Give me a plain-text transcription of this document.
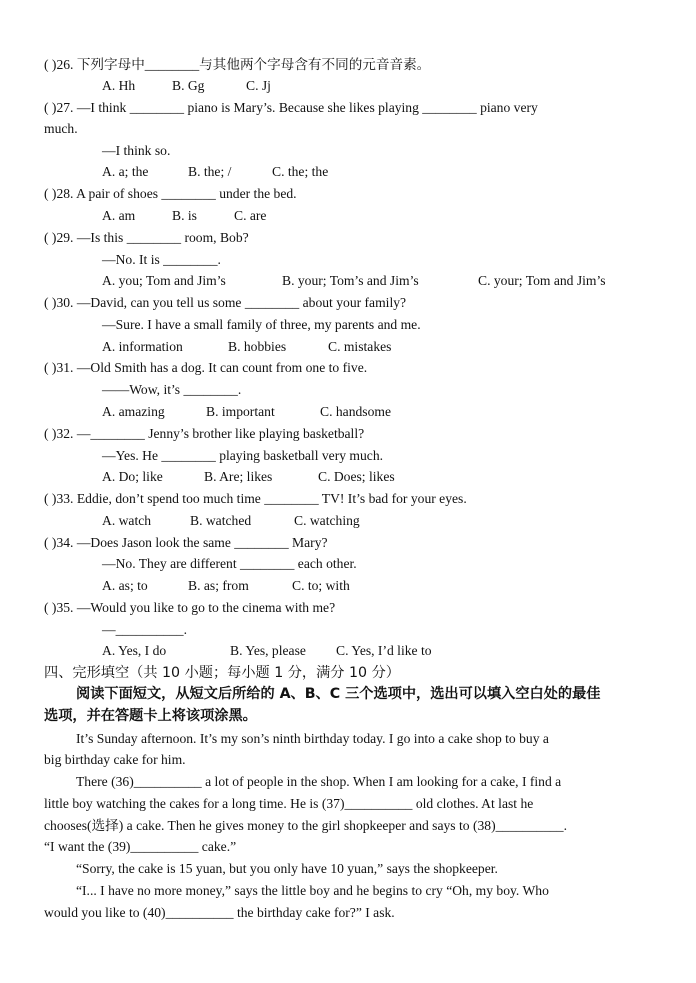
( )26. 下列字母中________与其他两个字母含有不同的元音音素。
A. Hh	B. Gg	C. Jj
( )27. —I think ________ piano is Mary’s. Because she likes playing ________ piano very
much.
—I think so.
A. a; the	B. the; /	C. the; the
( )28. A pair of shoes ________ under the bed.
A. am	B. is	C. are
( )29. —Is this ________ room, Bob?
—No. It is ________.
A. you; Tom and Jim’s	B. your; Tom’s and Jim’s	C. your; Tom and Jim’s
( )30. —David, can you tell us some ________ about your family?
—Sure. I have a small family of three, my parents and me.
A. information	B. hobbies	C. mistakes
( )31. —Old Smith has a dog. It can count from one to five.
——Wow, it’s ________.
A. amazing	B. important	C. handsome
( )32. —________ Jenny’s brother like playing basketball?
—Yes. He ________ playing basketball very much.
A. Do; like	B. Are; likes	C. Does; likes
( )33. Eddie, don’t spend too much time ________ TV! It’s bad for your eyes.
A. watch	B. watched	C. watching
( )34. —Does Jason look the same ________ Mary?
—No. They are different ________ each other.
A. as; to	B. as; from	C. to; with
( )35. —Would you like to go to the cinema with me?
—__________.
A. Yes, I do	B. Yes, please C. Yes, I’d like to
四、完形填空（共 10 小题；每小题 1 分，满分 10 分）
阅读下面短文，从短文后所给的 A、B、C 三个选项中，选出可以填入空白处的最佳
选项，并在答题卡上将该项涂黑。
It’s Sunday afternoon. It’s my son’s ninth birthday today. I go into a cake shop to buy a
big birthday cake for him.
There (36)__________ a lot of people in the shop. When I am looking for a cake, I find a
little boy watching the cakes for a long time. He is (37)__________ old clothes. At last he
chooses(选择) a cake. Then he gives money to the girl shopkeeper and says to (38)__________.
“I want the (39)__________ cake.”
“Sorry, the cake is 15 yuan, but you only have 10 yuan,” says the shopkeeper.
“I... I have no more money,” says the little boy and he begins to cry “Oh, my boy. Who
would you like to (40)__________ the birthday cake for?” I ask.
